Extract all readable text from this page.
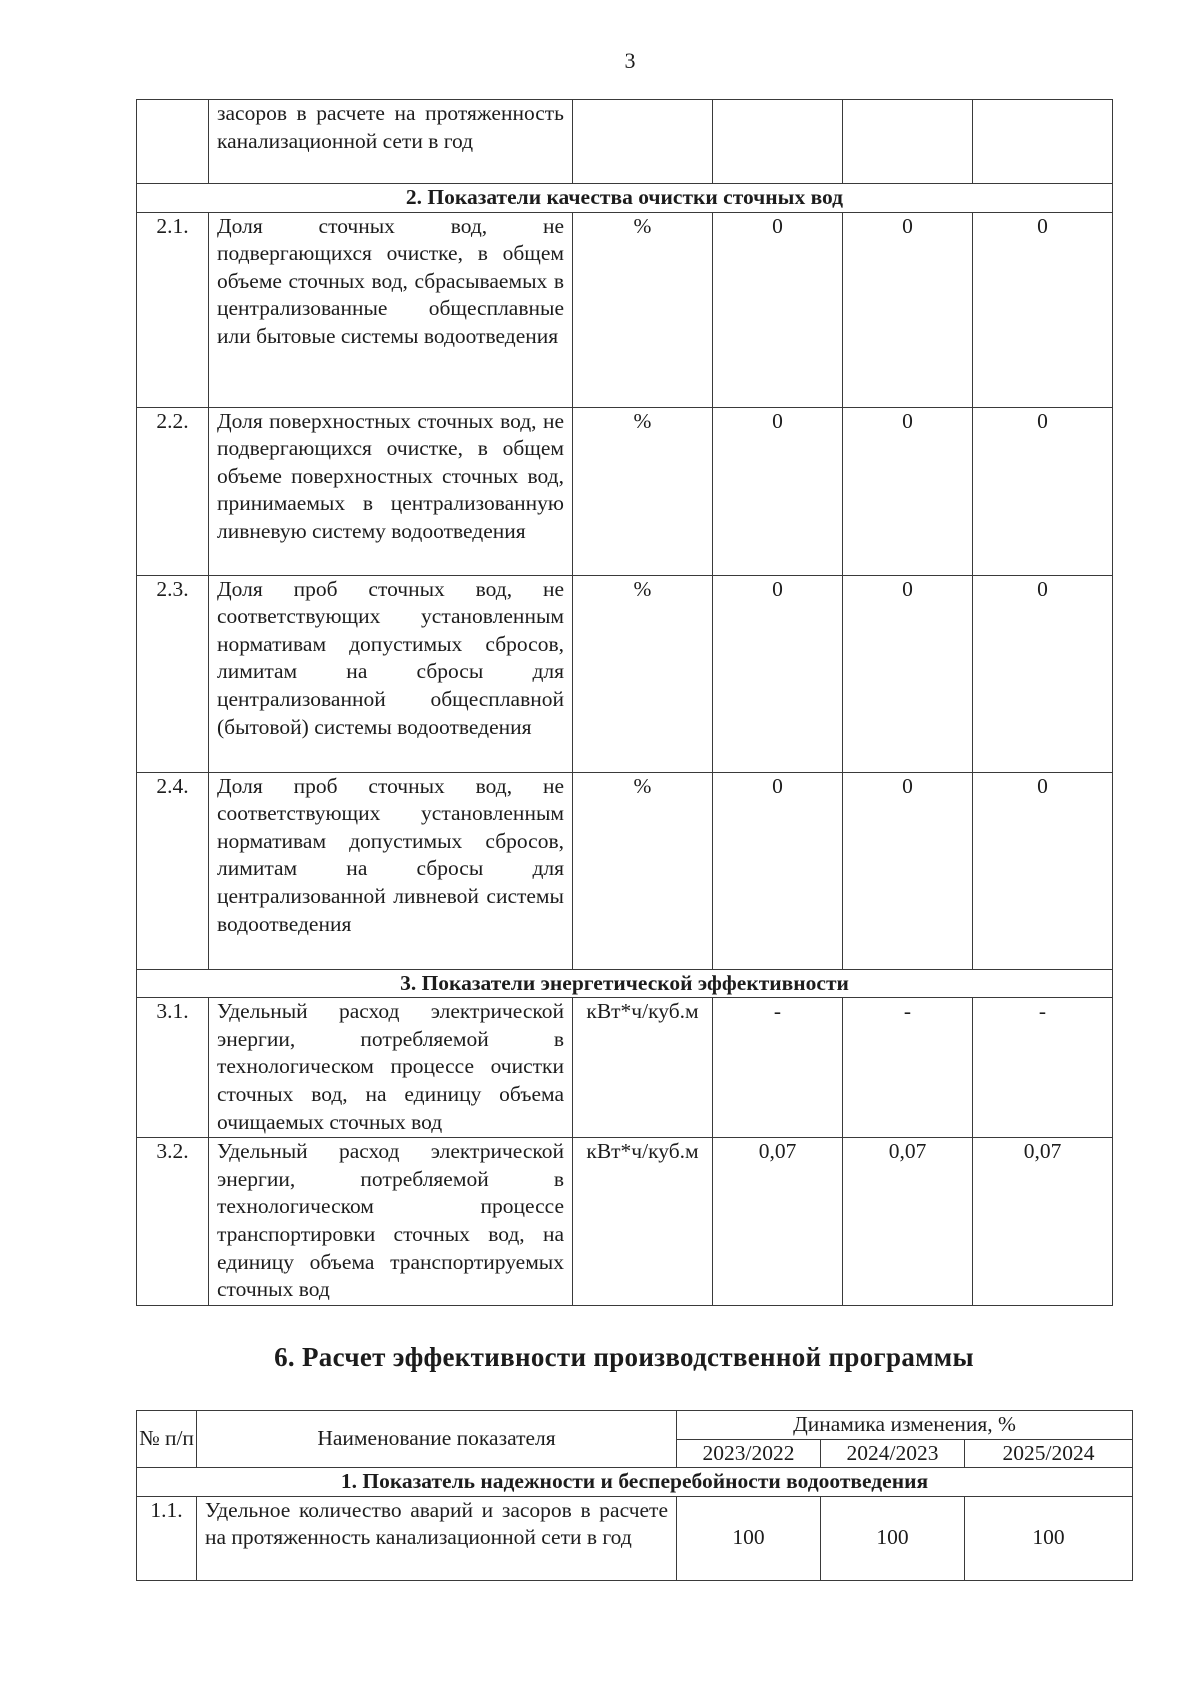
3
	засоров в расчете на протяженность канализационной сети в год				
2. Показатели качества очистки сточных вод					
2.1.	Доля сточных вод, не подвергающихся очистке, в общем объеме сточных вод, сбрасываемых в централизованные общесплавные или бытовые системы водоотведения	%	0	0	0
2.2.	Доля поверхностных сточных вод, не подвергающихся очистке, в общем объеме поверхностных сточных вод, принимаемых в централизованную ливневую систему водоотведения	%	0	0	0
2.3.	Доля проб сточных вод, не соответствующих установленным нормативам допустимых сбросов, лимитам на сбросы для централизованной общесплавной (бытовой) системы водоотведения	%	0	0	0
2.4.	Доля проб сточных вод, не соответствующих установленным нормативам допустимых сбросов, лимитам на сбросы для централизованной ливневой системы водоотведения	%	0	0	0
3. Показатели энергетической эффективности					
3.1.	Удельный расход электрической энергии, потребляемой в технологическом процессе очистки сточных вод, на единицу объема очищаемых сточных вод	кВт*ч/куб.м	-	-	-
3.2.	Удельный расход электрической энергии, потребляемой в технологическом процессе транспортировки сточных вод, на единицу объема транспортируемых сточных вод	кВт*ч/куб.м	0,07	0,07	0,07
6. Расчет эффективности производственной программы
№ п/п	Наименование показателя	Динамика изменения, %		
		2023/2022	2024/2023	2025/2024
1. Показатель надежности и бесперебойности водоотведения				
1.1.	Удельное количество аварий и засоров в расчете на протяженность канализационной сети в год	100	100	100
